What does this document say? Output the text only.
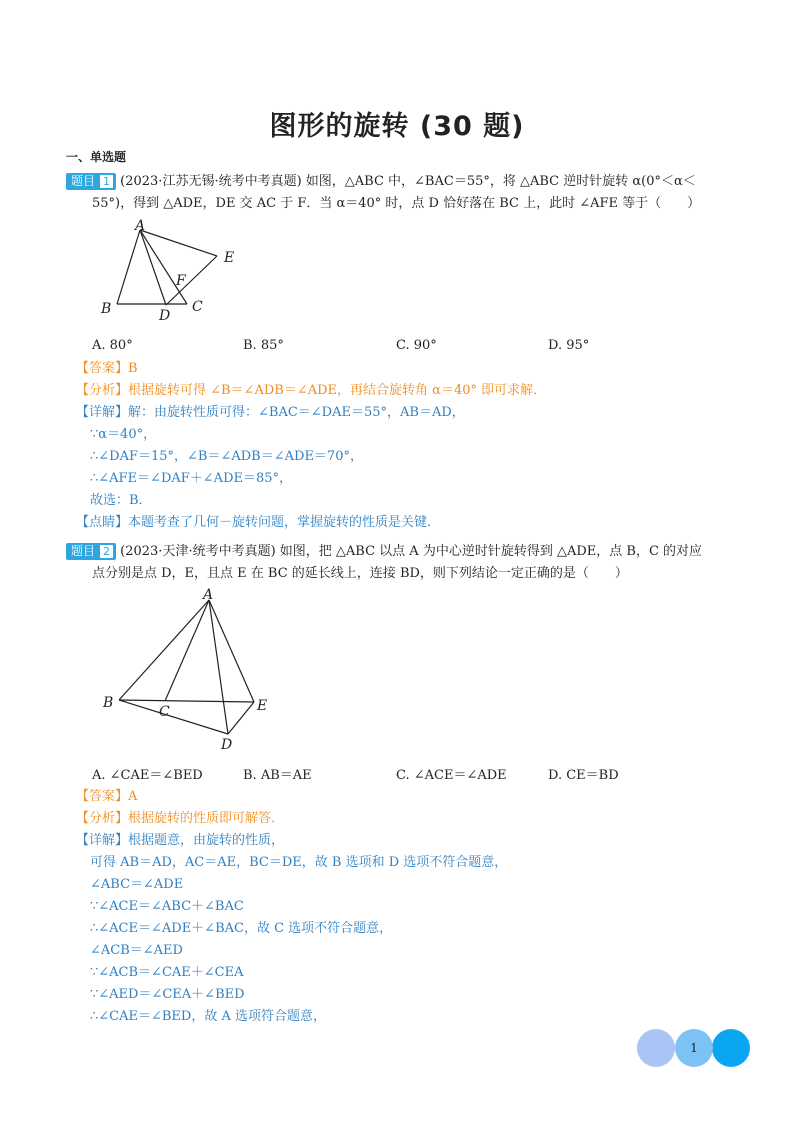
图形的旋转 (30 题)
一、单选题
题目 1 (2023·江苏无锡·统考中考真题) 如图，△ABC 中，∠BAC＝55°，将 △ABC 逆时针旋转 α(0°＜α＜
55°)，得到 △ADE，DE 交 AC 于 F．当 α＝40° 时，点 D 恰好落在 BC 上，此时 ∠AFE 等于（　　）
A
B	C
D
E
F
A. 80°	B. 85°	C. 90°	D. 95°
【答案】B
【分析】根据旋转可得 ∠B＝∠ADB＝∠ADE，再结合旋转角 α＝40° 即可求解．
【详解】解：由旋转性质可得：∠BAC＝∠DAE＝55°，AB＝AD，
∵α＝40°，
∴∠DAF＝15°，∠B＝∠ADB＝∠ADE＝70°，
∴∠AFE＝∠DAF＋∠ADE＝85°，
故选：B．
【点睛】本题考查了几何－旋转问题，掌握旋转的性质是关键．
题目 2 (2023·天津·统考中考真题) 如图，把 △ABC 以点 A 为中心逆时针旋转得到 △ADE，点 B，C 的对应
点分别是点 D，E，且点 E 在 BC 的延长线上，连接 BD，则下列结论一定正确的是（　　）
A
B
C
D
E
A. ∠CAE＝∠BED	B. AB＝AE	C. ∠ACE＝∠ADE	D. CE＝BD
【答案】A
【分析】根据旋转的性质即可解答．
【详解】根据题意，由旋转的性质，
可得 AB＝AD，AC＝AE，BC＝DE，故 B 选项和 D 选项不符合题意，
∠ABC＝∠ADE
∵∠ACE＝∠ABC＋∠BAC
∴∠ACE＝∠ADE＋∠BAC，故 C 选项不符合题意，
∠ACB＝∠AED
∵∠ACB＝∠CAE＋∠CEA
∵∠AED＝∠CEA＋∠BED
∴∠CAE＝∠BED，故 A 选项符合题意，
1
